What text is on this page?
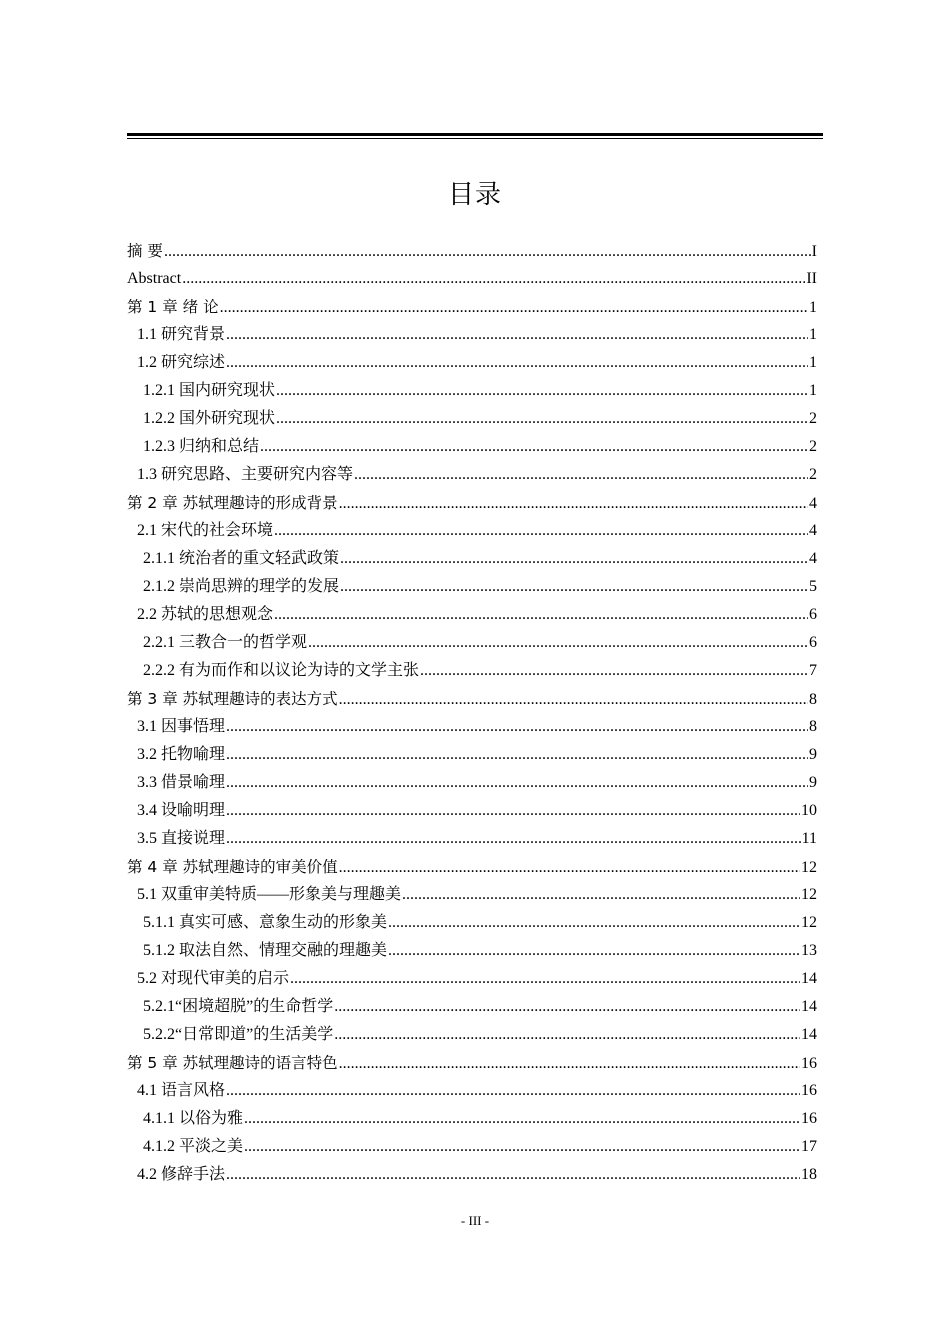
目录
摘 要 .....	I
Abstract .....	II
第 1 章 绪 论 .....	1
1.1 研究背景 .....	1
1.2 研究综述 .....	1
1.2.1 国内研究现状 .....	1
1.2.2 国外研究现状 .....	2
1.2.3 归纳和总结 .....	2
1.3 研究思路、主要研究内容等 .....	2
第 2 章 苏轼理趣诗的形成背景 .....	4
2.1 宋代的社会环境 .....	4
2.1.1 统治者的重文轻武政策 .....	4
2.1.2 崇尚思辨的理学的发展 .....	5
2.2 苏轼的思想观念 .....	6
2.2.1 三教合一的哲学观 .....	6
2.2.2 有为而作和以议论为诗的文学主张 .....	7
第 3 章 苏轼理趣诗的表达方式 .....	8
3.1 因事悟理 .....	8
3.2 托物喻理 .....	9
3.3 借景喻理 .....	9
3.4 设喻明理 .....	10
3.5 直接说理 .....	11
第 4 章 苏轼理趣诗的审美价值 .....	12
5.1 双重审美特质——形象美与理趣美 .....	12
5.1.1 真实可感、意象生动的形象美 .....	12
5.1.2 取法自然、情理交融的理趣美 .....	13
5.2 对现代审美的启示 .....	14
5.2.1“困境超脱”的生命哲学 .....	14
5.2.2“日常即道”的生活美学 .....	14
第 5 章 苏轼理趣诗的语言特色 .....	16
4.1 语言风格 .....	16
4.1.1 以俗为雅 .....	16
4.1.2 平淡之美 .....	17
4.2 修辞手法 .....	18
- III -
